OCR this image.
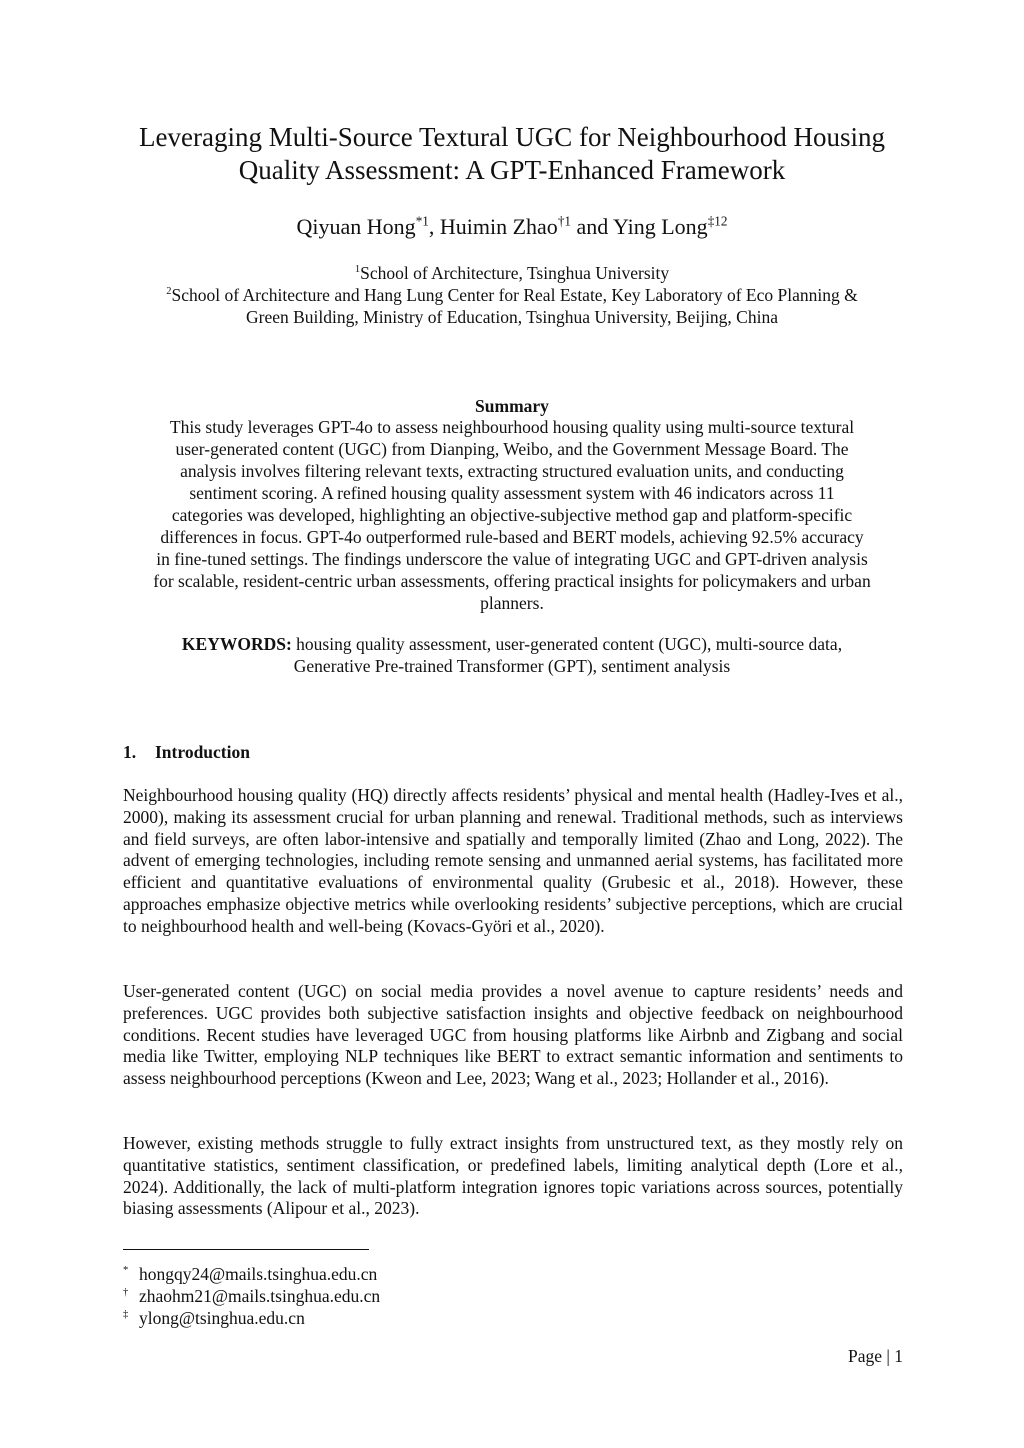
Leveraging Multi-Source Textural UGC for Neighbourhood Housing
Quality Assessment: A GPT-Enhanced Framework

Qiyuan Hong$^{*1}$, Huimin Zhao$^{\dagger 1}$ and Ying Long$^{\ddagger 12}$

$^1$School of Architecture, Tsinghua University

$^2$School of Architecture and Hang Lung Center for Real Estate, Key Laboratory of Eco Planning &

Green Building, Ministry of Education, Tsinghua University, Beijing, China

Summary

This study leverages GPT-4o to assess neighbourhood housing quality using multi-source textural

user-generated content (UGC) from Dianping, Weibo, and the Government Message Board. The

analysis involves filtering relevant texts, extracting structured evaluation units, and conducting

sentiment scoring. A refined housing quality assessment system with 46 indicators across 11

categories was developed, highlighting an objective-subjective method gap and platform-specific

differences in focus. GPT-4o outperformed rule-based and BERT models, achieving 92.5% accuracy

in fine-tuned settings. The findings underscore the value of integrating UGC and GPT-driven analysis

for scalable, resident-centric urban assessments, offering practical insights for policymakers and urban

planners.

KEYWORDS: housing quality assessment, user-generated content (UGC), multi-source data,

Generative Pre-trained Transformer (GPT), sentiment analysis

1. Introduction

Neighbourhood housing quality (HQ) directly affects residents’ physical and mental health (Hadley-Ives et al., 2000), making its assessment crucial for urban planning and renewal. Traditional methods, such as interviews and field surveys, are often labor-intensive and spatially and temporally limited (Zhao and Long, 2022). The advent of emerging technologies, including remote sensing and unmanned aerial systems, has facilitated more efficient and quantitative evaluations of environmental quality (Grubesic et al., 2018). However, these approaches emphasize objective metrics while overlooking residents’ subjective perceptions, which are crucial to neighbourhood health and well-being (Kovacs-Györi et al., 2020).

User-generated content (UGC) on social media provides a novel avenue to capture residents’ needs and preferences. UGC provides both subjective satisfaction insights and objective feedback on neighbourhood conditions. Recent studies have leveraged UGC from housing platforms like Airbnb and Zigbang and social media like Twitter, employing NLP techniques like BERT to extract semantic information and sentiments to assess neighbourhood perceptions (Kweon and Lee, 2023; Wang et al., 2023; Hollander et al., 2016).

However, existing methods struggle to fully extract insights from unstructured text, as they mostly rely on quantitative statistics, sentiment classification, or predefined labels, limiting analytical depth (Lore et al., 2024). Additionally, the lack of multi-platform integration ignores topic variations across sources, potentially biasing assessments (Alipour et al., 2023).

* hongqy24@mails.tsinghua.edu.cn

† zhaohm21@mails.tsinghua.edu.cn

‡ ylong@tsinghua.edu.cn

Page | 1
